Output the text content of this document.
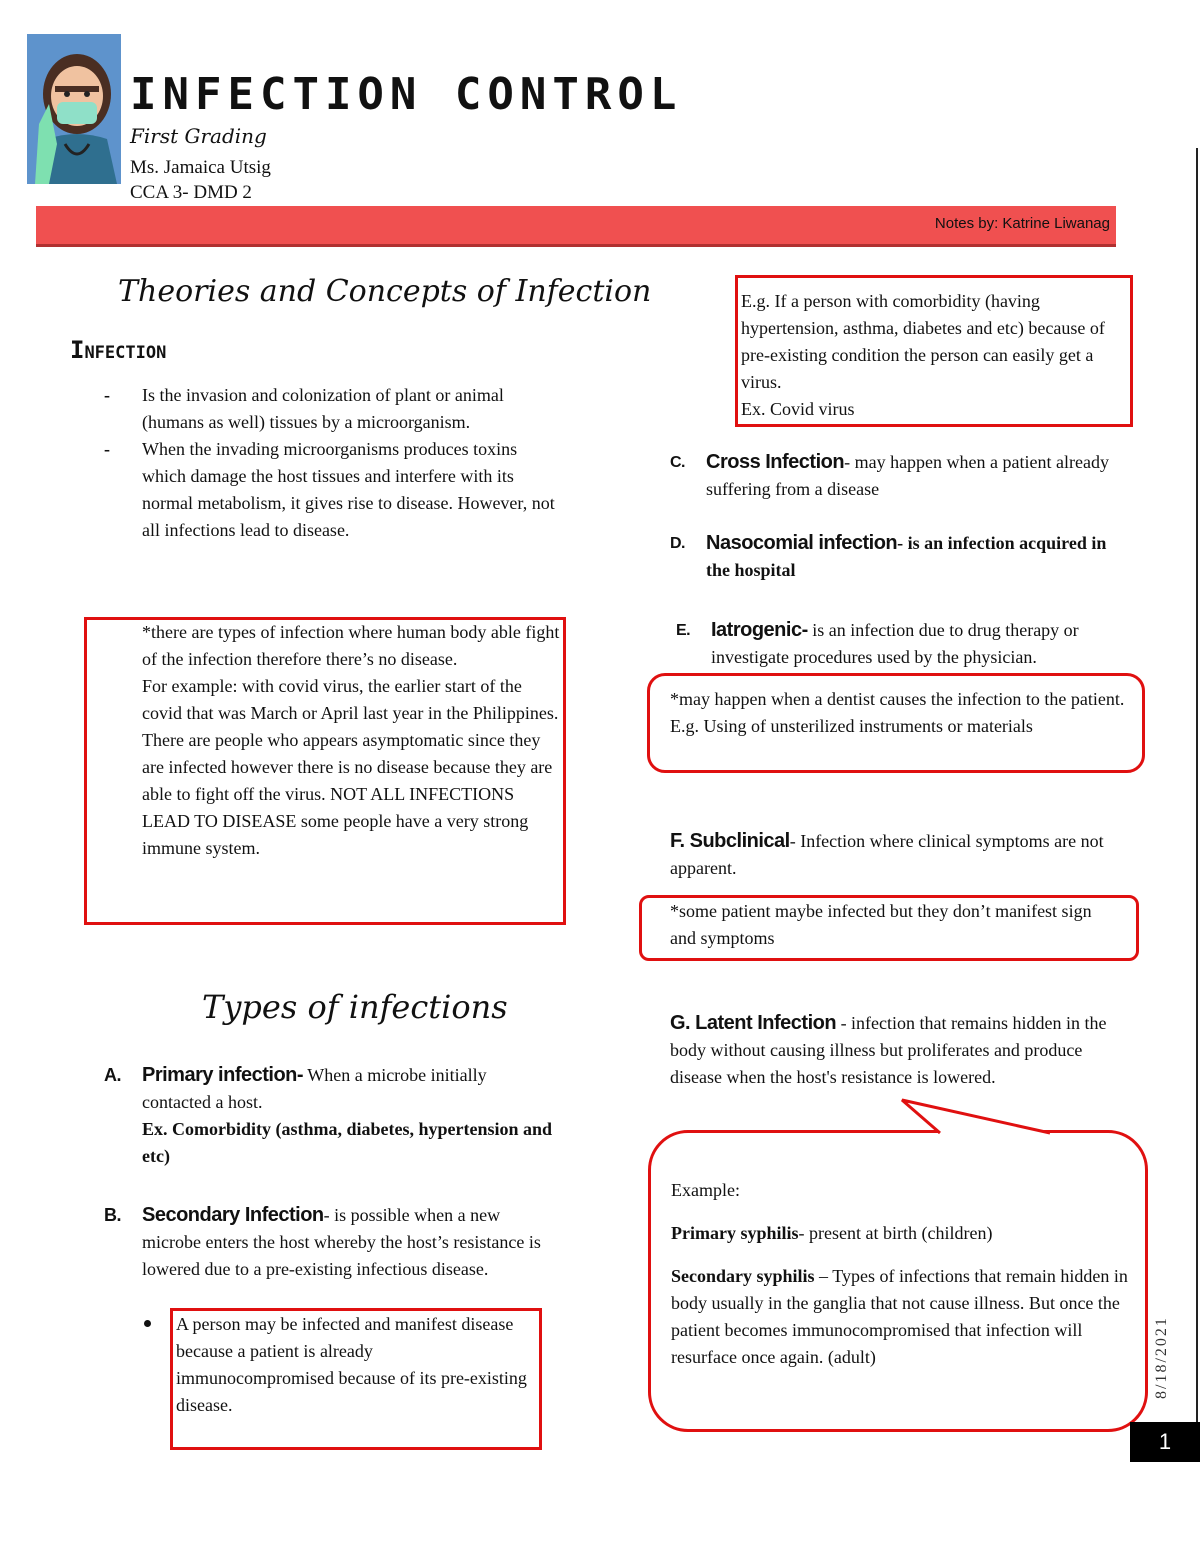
INFECTION CONTROL
First Grading
Ms. Jamaica Utsig
CCA 3- DMD 2
Notes by: Katrine Liwanag
Theories and Concepts of Infection
Infection
- Is the invasion and colonization of plant or animal (humans as well) tissues by a microorganism.
- When the invading microorganisms produces toxins which damage the host tissues and interfere with its normal metabolism, it gives rise to disease. However, not all infections lead to disease.
*there are types of infection where human body able fight of the infection therefore there’s no disease.
For example: with covid virus, the earlier start of the covid that was March or April last year in the Philippines. There are people who appears asymptomatic since they are infected however there is no disease because they are able to fight off the virus. NOT ALL INFECTIONS LEAD TO DISEASE some people have a very strong immune system.
Types of infections
A.	Primary infection- When a microbe initially contacted a host.
Ex. Comorbidity (asthma, diabetes, hypertension and etc)
B.	Secondary Infection- is possible when a new microbe enters the host whereby the host’s resistance is lowered due to a pre-existing infectious disease.
A person may be infected and manifest disease because a patient is already immunocompromised because of its pre-existing disease.
E.g. If a person with comorbidity (having hypertension, asthma, diabetes and etc) because of pre-existing condition the person can easily get a virus.
Ex. Covid virus
C.	Cross Infection- may happen when a patient already suffering from a disease
D.	Nasocomial infection- is an infection acquired in the hospital
E.	Iatrogenic- is an infection due to drug therapy or investigate procedures used by the physician.
*may happen when a dentist causes the infection to the patient. E.g. Using of unsterilized instruments or materials
F. Subclinical- Infection where clinical symptoms are not apparent.
*some patient maybe infected but they don’t manifest sign and symptoms
G. Latent Infection - infection that remains hidden in the body without causing illness but proliferates and produce disease when the host's resistance is lowered.
Example:
Primary syphilis- present at birth (children)
Secondary syphilis – Types of infections that remain hidden in body usually in the ganglia that not cause illness. But once the patient becomes immunocompromised that infection will resurface once again. (adult)	8/18/2021
1
